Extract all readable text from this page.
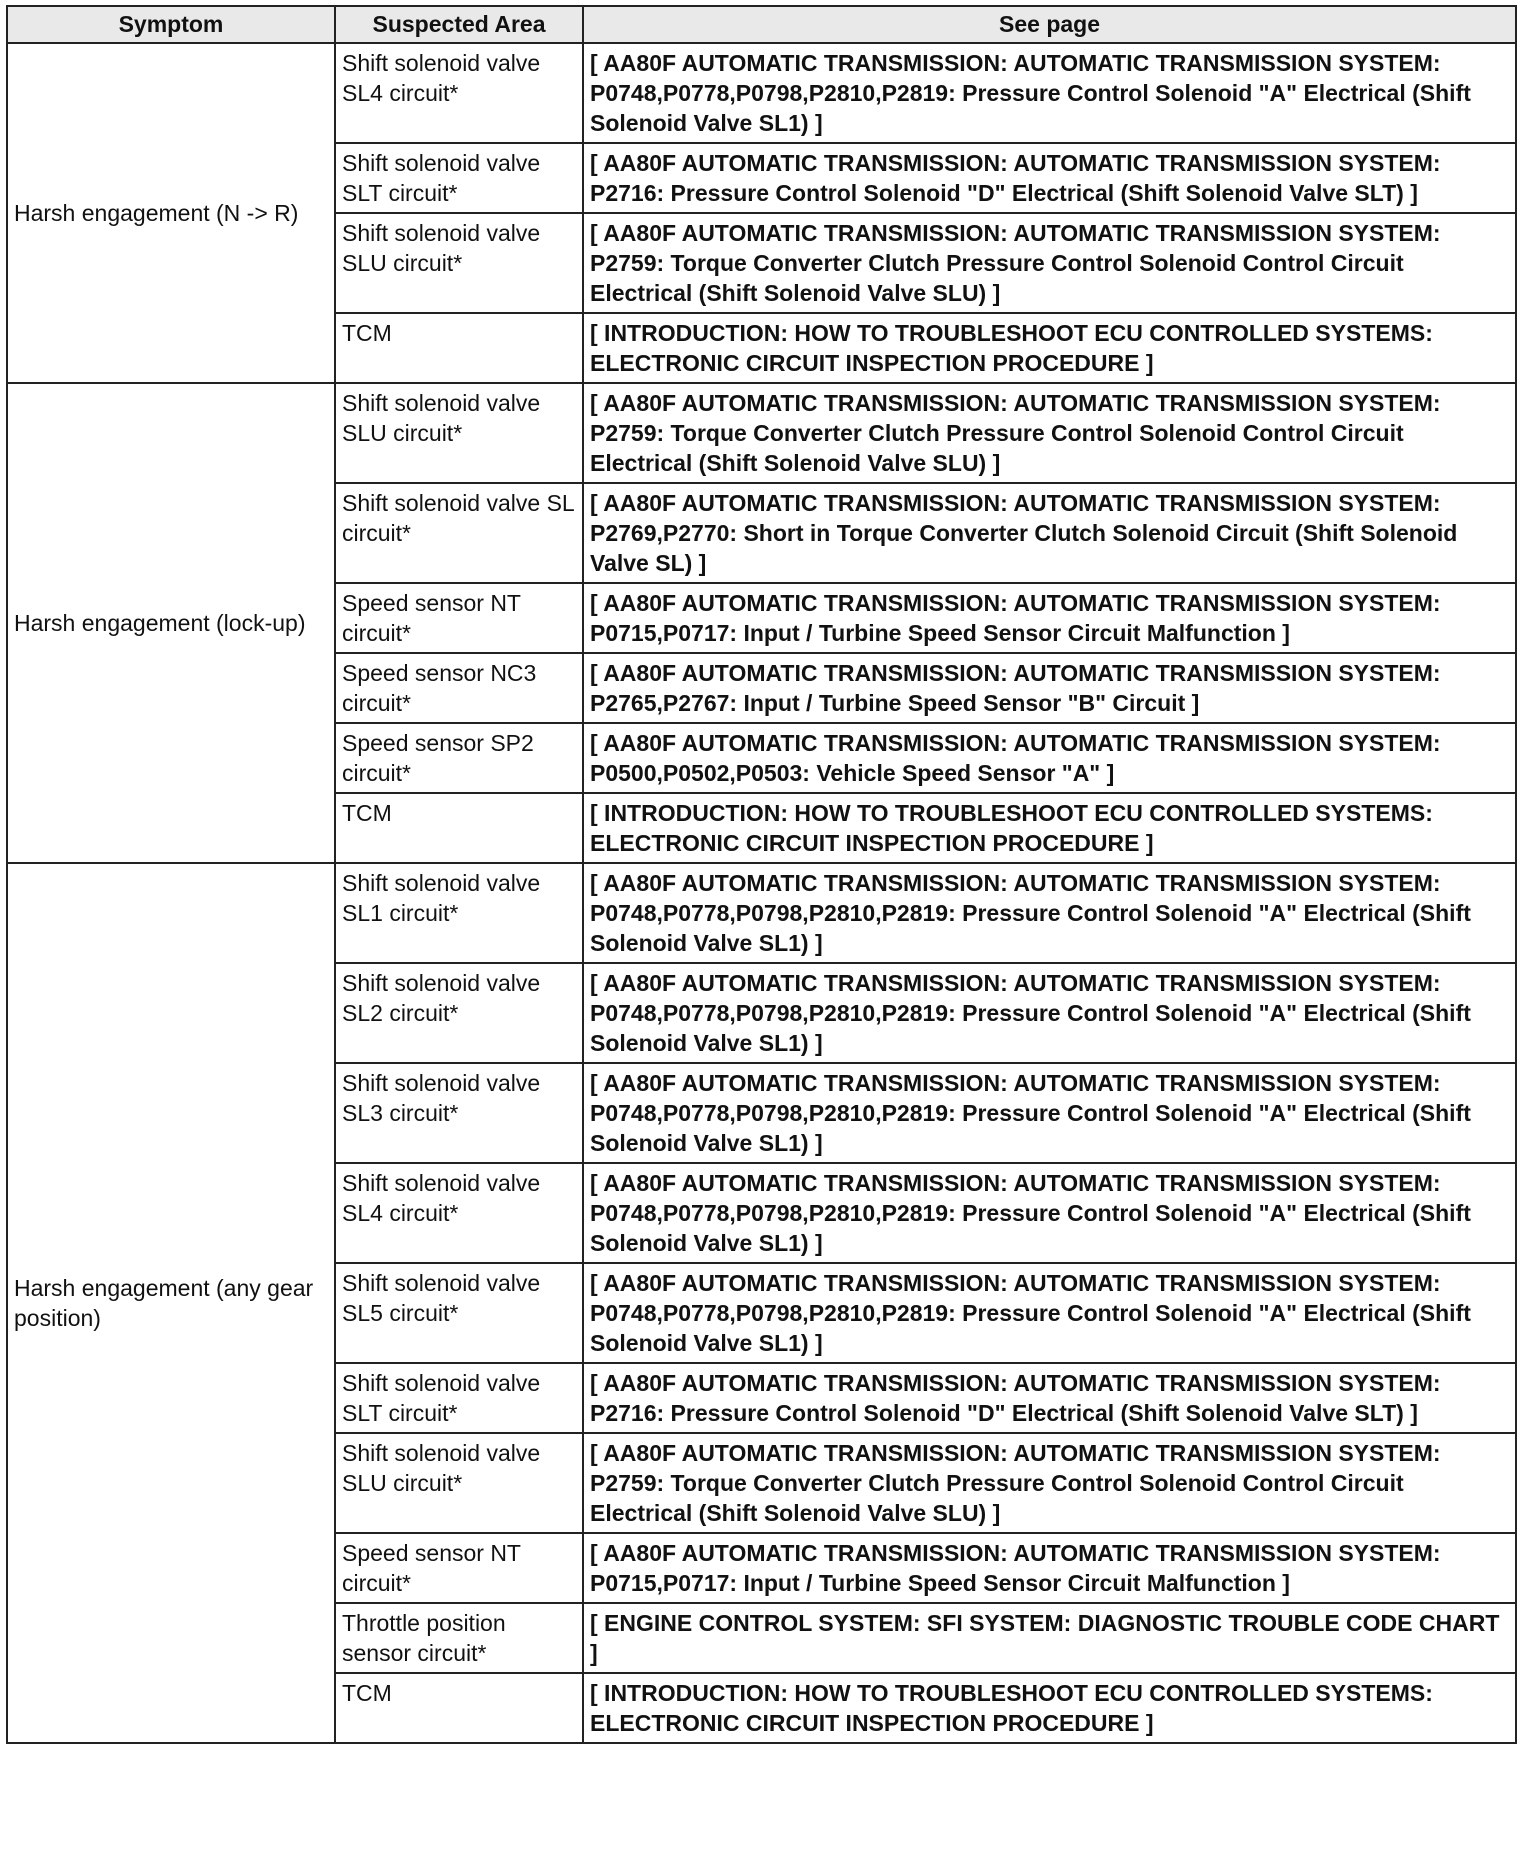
Symptom	Suspected Area	See page
Harsh engagement (N -> R)	Shift solenoid valve SL4 circuit*	[ AA80F AUTOMATIC TRANSMISSION: AUTOMATIC TRANSMISSION SYSTEM: P0748,P0778,P0798,P2810,P2819: Pressure Control Solenoid "A" Electrical (Shift Solenoid Valve SL1) ]
	Shift solenoid valve SLT circuit*	[ AA80F AUTOMATIC TRANSMISSION: AUTOMATIC TRANSMISSION SYSTEM: P2716: Pressure Control Solenoid "D" Electrical (Shift Solenoid Valve SLT) ]
	Shift solenoid valve SLU circuit*	[ AA80F AUTOMATIC TRANSMISSION: AUTOMATIC TRANSMISSION SYSTEM: P2759: Torque Converter Clutch Pressure Control Solenoid Control Circuit Electrical (Shift Solenoid Valve SLU) ]
	TCM	[ INTRODUCTION: HOW TO TROUBLESHOOT ECU CONTROLLED SYSTEMS: ELECTRONIC CIRCUIT INSPECTION PROCEDURE ]
Harsh engagement (lock-up)	Shift solenoid valve SLU circuit*	[ AA80F AUTOMATIC TRANSMISSION: AUTOMATIC TRANSMISSION SYSTEM: P2759: Torque Converter Clutch Pressure Control Solenoid Control Circuit Electrical (Shift Solenoid Valve SLU) ]
	Shift solenoid valve SL circuit*	[ AA80F AUTOMATIC TRANSMISSION: AUTOMATIC TRANSMISSION SYSTEM: P2769,P2770: Short in Torque Converter Clutch Solenoid Circuit (Shift Solenoid Valve SL) ]
	Speed sensor NT circuit*	[ AA80F AUTOMATIC TRANSMISSION: AUTOMATIC TRANSMISSION SYSTEM: P0715,P0717: Input / Turbine Speed Sensor Circuit Malfunction ]
	Speed sensor NC3 circuit*	[ AA80F AUTOMATIC TRANSMISSION: AUTOMATIC TRANSMISSION SYSTEM: P2765,P2767: Input / Turbine Speed Sensor "B" Circuit ]
	Speed sensor SP2 circuit*	[ AA80F AUTOMATIC TRANSMISSION: AUTOMATIC TRANSMISSION SYSTEM: P0500,P0502,P0503: Vehicle Speed Sensor "A" ]
	TCM	[ INTRODUCTION: HOW TO TROUBLESHOOT ECU CONTROLLED SYSTEMS: ELECTRONIC CIRCUIT INSPECTION PROCEDURE ]
Harsh engagement (any gear position)	Shift solenoid valve SL1 circuit*	[ AA80F AUTOMATIC TRANSMISSION: AUTOMATIC TRANSMISSION SYSTEM: P0748,P0778,P0798,P2810,P2819: Pressure Control Solenoid "A" Electrical (Shift Solenoid Valve SL1) ]
	Shift solenoid valve SL2 circuit*	[ AA80F AUTOMATIC TRANSMISSION: AUTOMATIC TRANSMISSION SYSTEM: P0748,P0778,P0798,P2810,P2819: Pressure Control Solenoid "A" Electrical (Shift Solenoid Valve SL1) ]
	Shift solenoid valve SL3 circuit*	[ AA80F AUTOMATIC TRANSMISSION: AUTOMATIC TRANSMISSION SYSTEM: P0748,P0778,P0798,P2810,P2819: Pressure Control Solenoid "A" Electrical (Shift Solenoid Valve SL1) ]
	Shift solenoid valve SL4 circuit*	[ AA80F AUTOMATIC TRANSMISSION: AUTOMATIC TRANSMISSION SYSTEM: P0748,P0778,P0798,P2810,P2819: Pressure Control Solenoid "A" Electrical (Shift Solenoid Valve SL1) ]
	Shift solenoid valve SL5 circuit*	[ AA80F AUTOMATIC TRANSMISSION: AUTOMATIC TRANSMISSION SYSTEM: P0748,P0778,P0798,P2810,P2819: Pressure Control Solenoid "A" Electrical (Shift Solenoid Valve SL1) ]
	Shift solenoid valve SLT circuit*	[ AA80F AUTOMATIC TRANSMISSION: AUTOMATIC TRANSMISSION SYSTEM: P2716: Pressure Control Solenoid "D" Electrical (Shift Solenoid Valve SLT) ]
	Shift solenoid valve SLU circuit*	[ AA80F AUTOMATIC TRANSMISSION: AUTOMATIC TRANSMISSION SYSTEM: P2759: Torque Converter Clutch Pressure Control Solenoid Control Circuit Electrical (Shift Solenoid Valve SLU) ]
	Speed sensor NT circuit*	[ AA80F AUTOMATIC TRANSMISSION: AUTOMATIC TRANSMISSION SYSTEM: P0715,P0717: Input / Turbine Speed Sensor Circuit Malfunction ]
	Throttle position sensor circuit*	[ ENGINE CONTROL SYSTEM: SFI SYSTEM: DIAGNOSTIC TROUBLE CODE CHART ]
	TCM	[ INTRODUCTION: HOW TO TROUBLESHOOT ECU CONTROLLED SYSTEMS: ELECTRONIC CIRCUIT INSPECTION PROCEDURE ]
